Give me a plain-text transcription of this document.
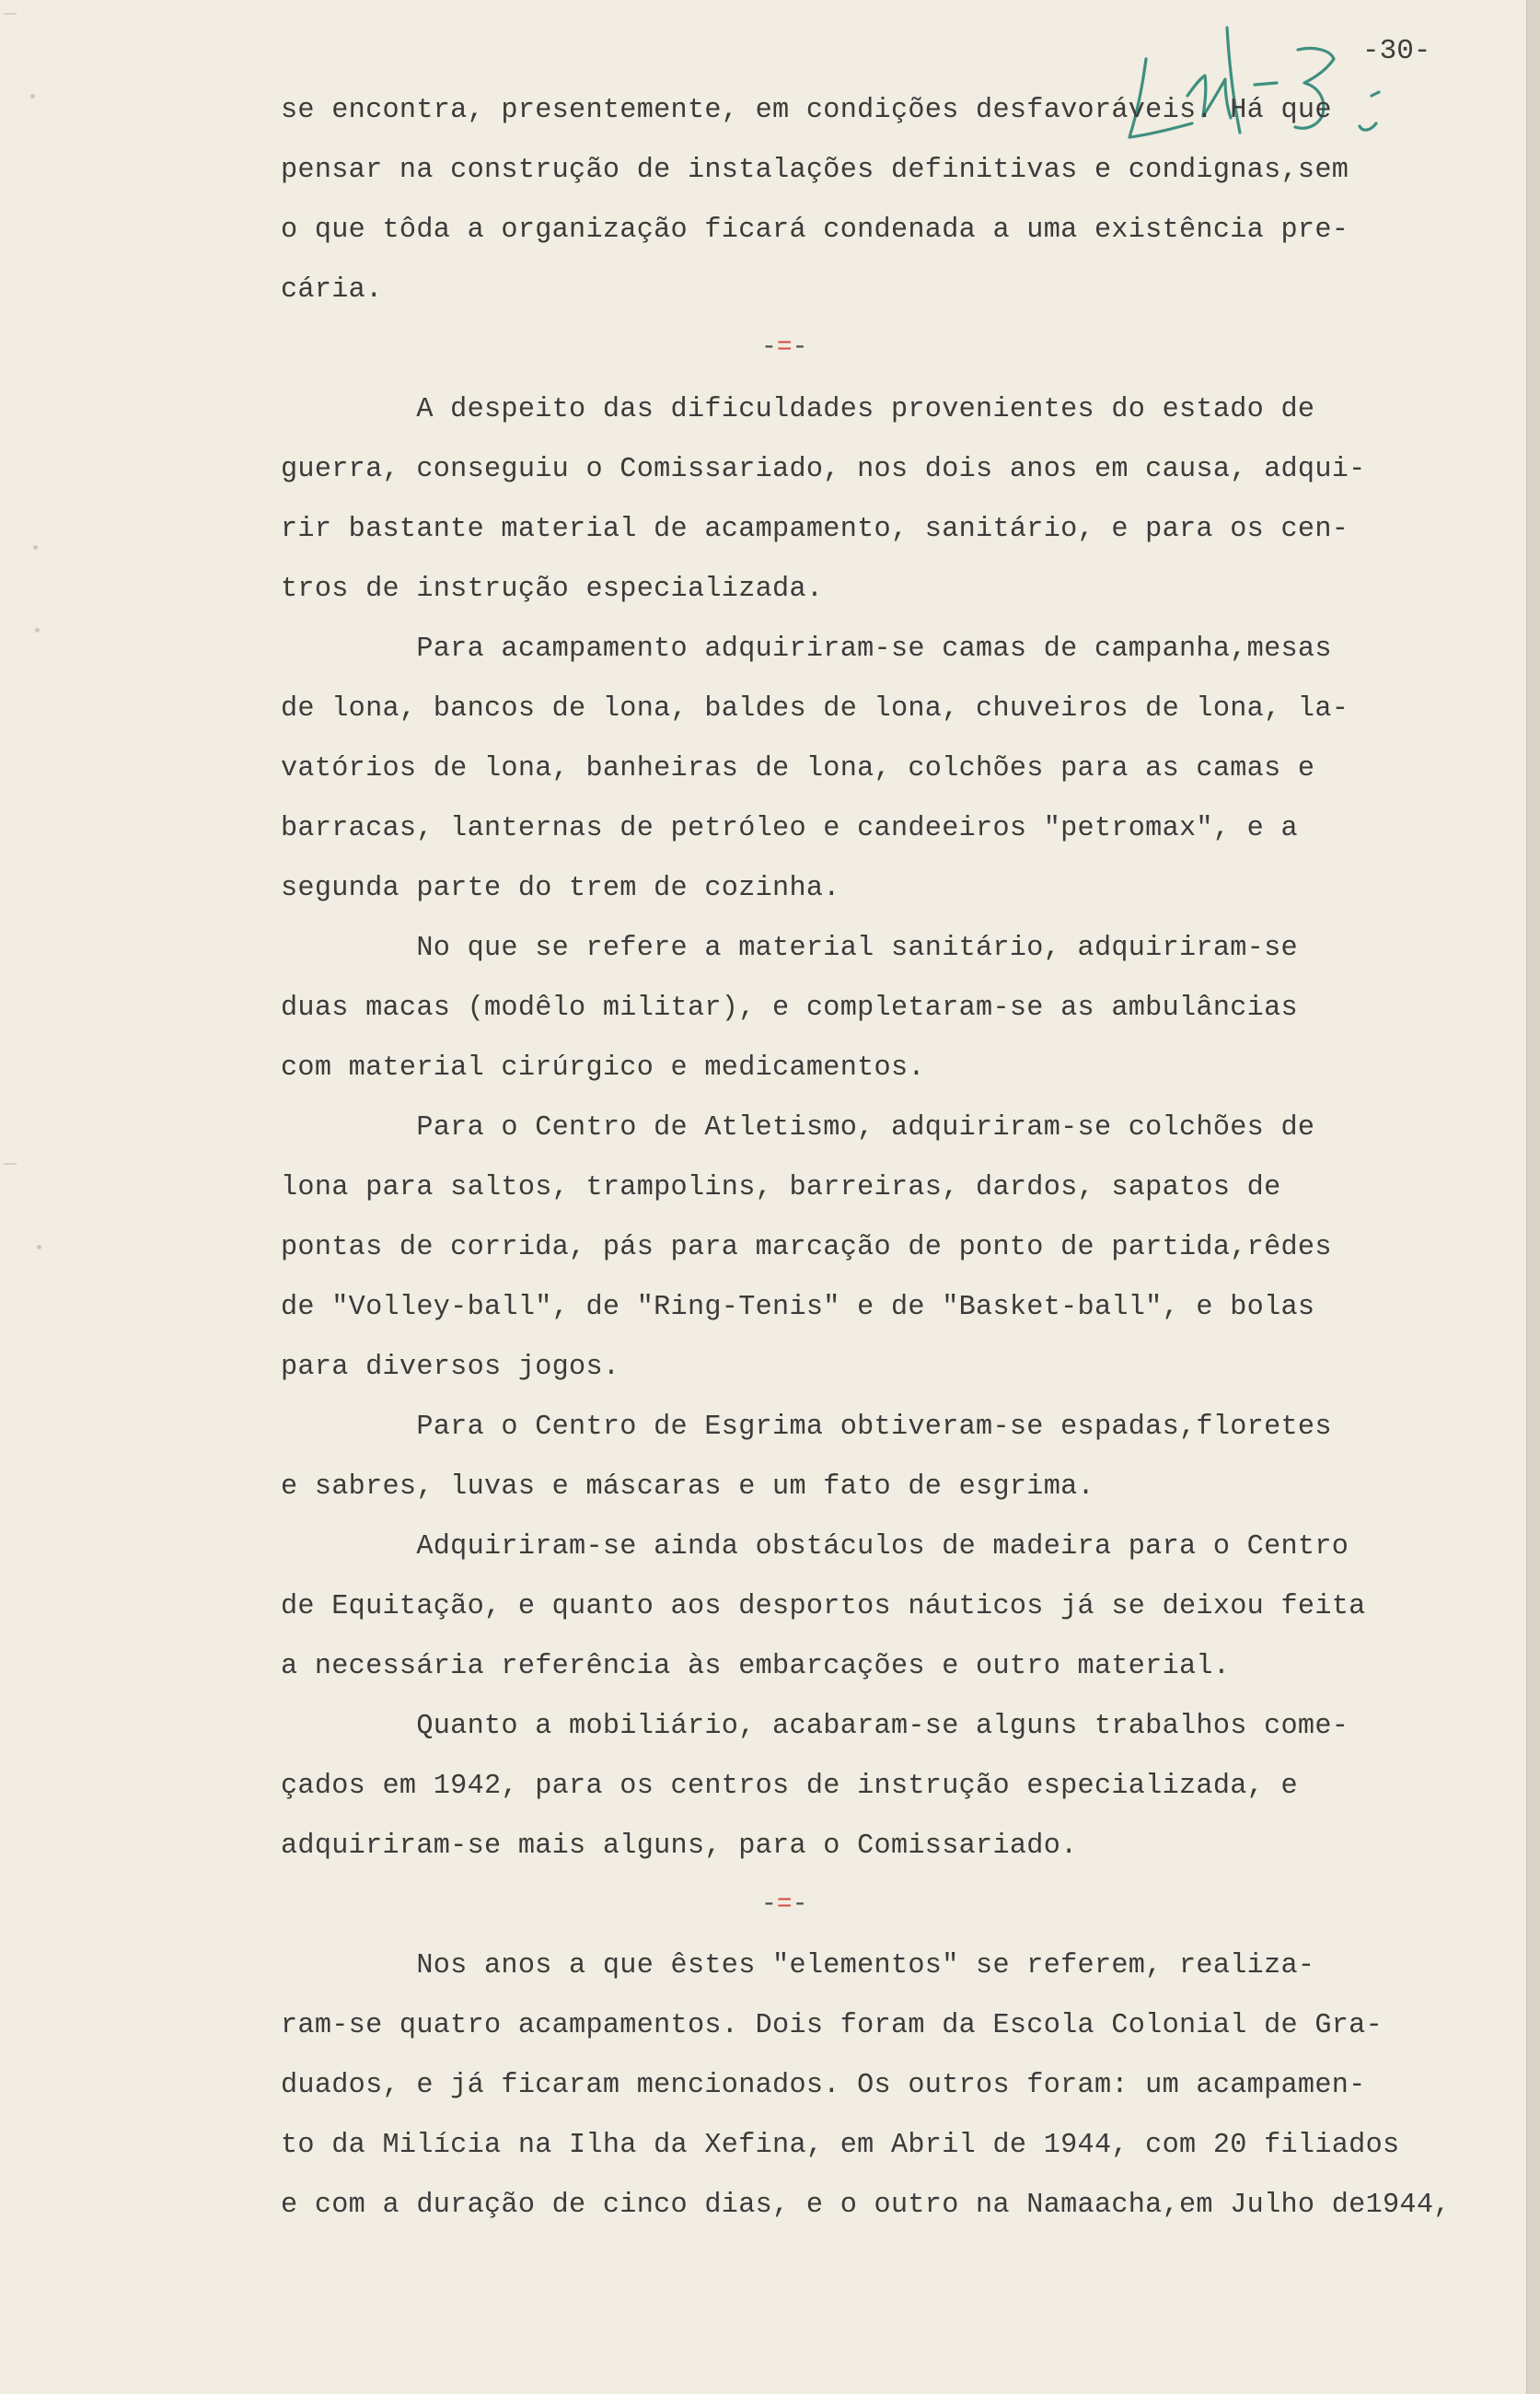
-30-
se encontra, presentemente, em condições desfavoráveis. Há que
pensar na construção de instalações definitivas e condignas,sem
o que tôda a organização ficará condenada a uma existência pre-
cária.
-=-
A despeito das dificuldades provenientes do estado de
guerra, conseguiu o Comissariado, nos dois anos em causa, adqui-
rir bastante material de acampamento, sanitário, e para os cen-
tros de instrução especializada.
Para acampamento adquiriram-se camas de campanha,mesas
de lona, bancos de lona, baldes de lona, chuveiros de lona, la-
vatórios de lona, banheiras de lona, colchões para as camas e
barracas, lanternas de petróleo e candeeiros "petromax", e a
segunda parte do trem de cozinha.
No que se refere a material sanitário, adquiriram-se
duas macas (modêlo militar), e completaram-se as ambulâncias
com material cirúrgico e medicamentos.
Para o Centro de Atletismo, adquiriram-se colchões de
lona para saltos, trampolins, barreiras, dardos, sapatos de
pontas de corrida, pás para marcação de ponto de partida,rêdes
de "Volley-ball", de "Ring-Tenis" e de "Basket-ball", e bolas
para diversos jogos.
Para o Centro de Esgrima obtiveram-se espadas,floretes
e sabres, luvas e máscaras e um fato de esgrima.
Adquiriram-se ainda obstáculos de madeira para o Centro
de Equitação, e quanto aos desportos náuticos já se deixou feita
a necessária referência às embarcações e outro material.
Quanto a mobiliário, acabaram-se alguns trabalhos come-
çados em 1942, para os centros de instrução especializada, e
adquiriram-se mais alguns, para o Comissariado.
-=-
Nos anos a que êstes "elementos" se referem, realiza-
ram-se quatro acampamentos. Dois foram da Escola Colonial de Gra-
duados, e já ficaram mencionados. Os outros foram: um acampamen-
to da Milícia na Ilha da Xefina, em Abril de 1944, com 20 filiados
e com a duração de cinco dias, e o outro na Namaacha,em Julho de1944,
